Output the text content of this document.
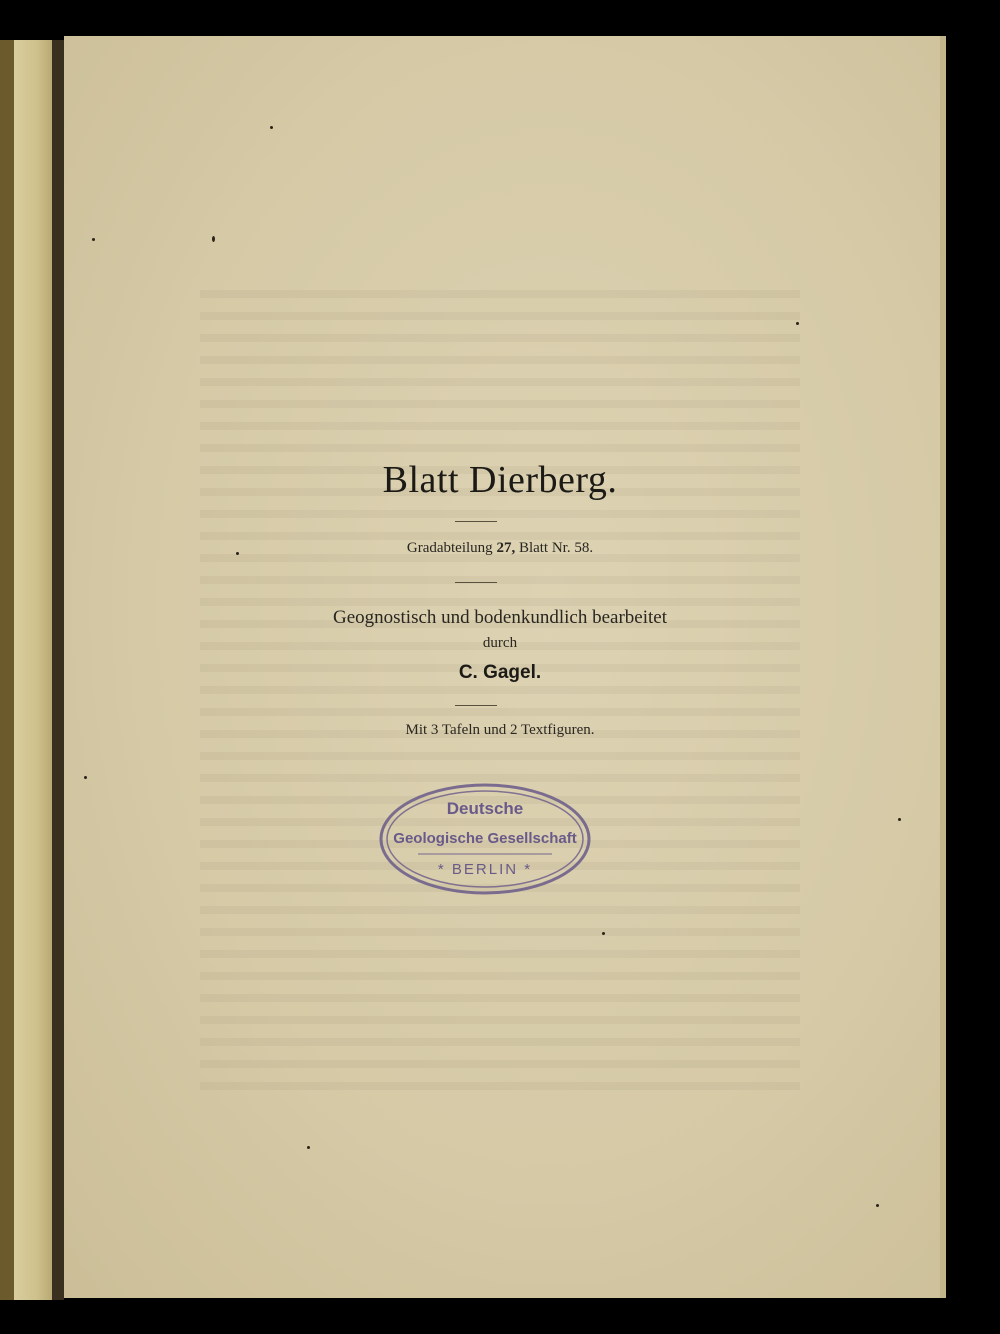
Blatt Dierberg.
Gradabteilung 27, Blatt Nr. 58.
Geognostisch und bodenkundlich bearbeitet
durch
C. Gagel.
Mit 3 Tafeln und 2 Textfiguren.
Deutsche
Geologische Gesellschaft
* BERLIN *
